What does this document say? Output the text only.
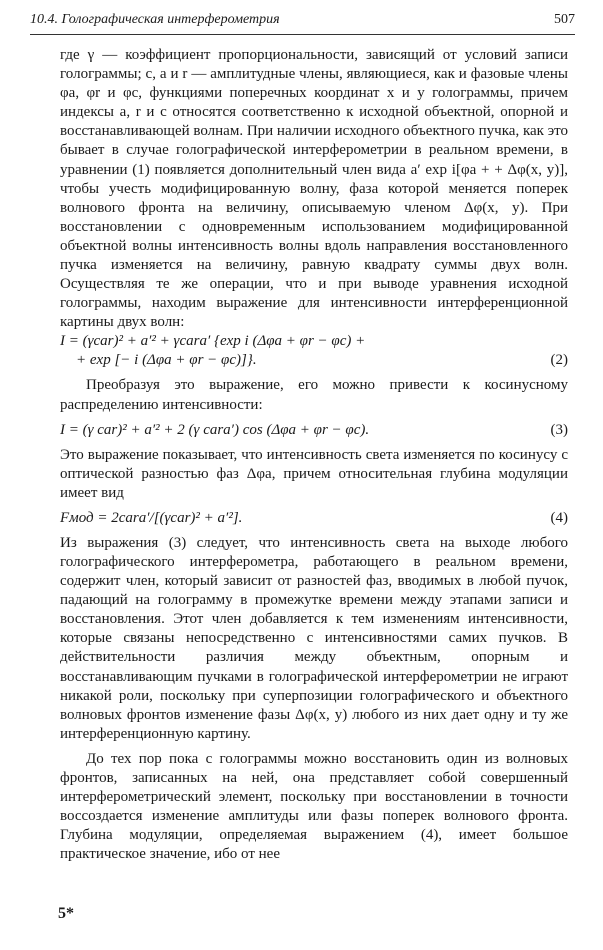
10.4. Голографическая интерферометрия	507

где γ — коэффициент пропорциональности, зависящий от условий записи голограммы; c, a и r — амплитудные члены, являющиеся, как и фазовые члены φa, φr и φc, функциями поперечных координат x и y голограммы, причем индексы a, r и c относятся соответственно к исходной объектной, опорной и восстанавливающей волнам. При наличии исходного объектного пучка, как это бывает в случае голографической интерферометрии в реальном времени, в уравнении (1) появляется дополнительный член вида a′ exp i[φa + + Δφ(x, y)], чтобы учесть модифицированную волну, фаза которой меняется поперек волнового фронта на величину, описываемую членом Δφ(x, y). При восстановлении с одновременным использованием модифицированной объектной волны интенсивность волны вдоль направления восстановленного пучка изменяется на величину, равную квадрату суммы двух волн. Осуществляя те же операции, что и при выводе уравнения исходной голограммы, находим выражение для интенсивности интерференционной картины двух волн:

I = (γcar)² + a′² + γcara′ {exp i (Δφa + φr − φc) +
+ exp [− i (Δφa + φr − φc)]}.	(2)

Преобразуя это выражение, его можно привести к косинусному распределению интенсивности:

I = (γ car)² + a′² + 2 (γ cara′) cos (Δφa + φr − φc).	(3)

Это выражение показывает, что интенсивность света изменяется по косинусу с оптической разностью фаз Δφa, причем относительная глубина модуляции имеет вид

Fмод = 2cara′/[(γcar)² + a′²].	(4)

Из выражения (3) следует, что интенсивность света на выходе любого голографического интерферометра, работающего в реальном времени, содержит член, который зависит от разностей фаз, вводимых в любой пучок, падающий на голограмму в промежутке времени между этапами записи и восстановления. Этот член добавляется к тем изменениям интенсивности, которые связаны непосредственно с интенсивностями самих пучков. В действительности различия между объектным, опорным и восстанавливающим пучками в голографической интерферометрии не играют никакой роли, поскольку при суперпозиции голографического и объектного волновых фронтов изменение фазы Δφ(x, y) любого из них дает одну и ту же интерференционную картину.

До тех пор пока с голограммы можно восстановить один из волновых фронтов, записанных на ней, она представляет собой совершенный интерферометрический элемент, поскольку при восстановлении в точности воссоздается изменение амплитуды или фазы поперек волнового фронта. Глубина модуляции, определяемая выражением (4), имеет большое практическое значение, ибо от нее

5*
